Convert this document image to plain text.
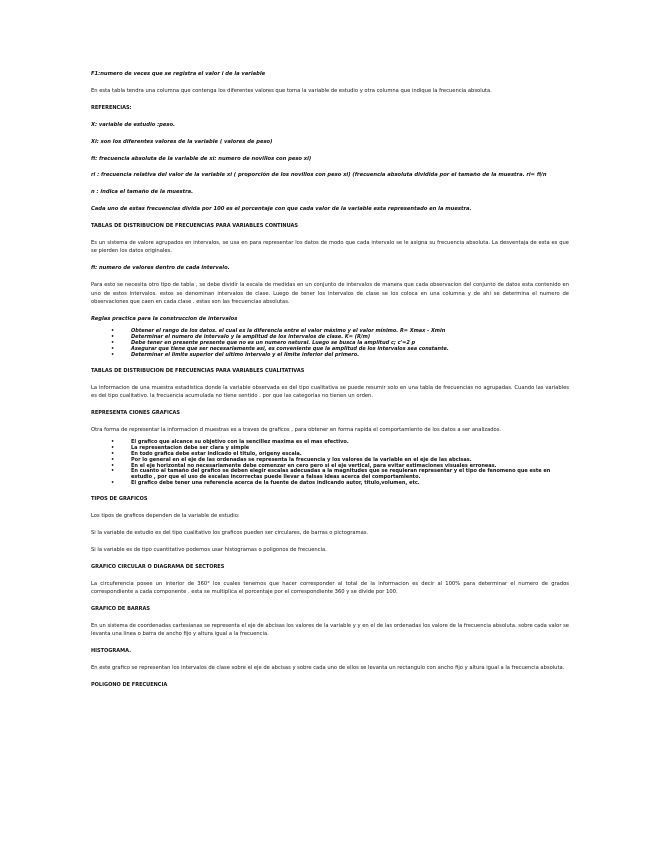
F1:numero de veces que se registra el valor i de la variable

En esta tabla tendra una columna que contenga los diferentes valores que toma la variable de estudio y otra columna que indique la frecuencia absoluta.

REFERENCIAS:

X: variable de estudio :peso.

Xi: son los diferentes valores de la variable ( valores de peso)

fi: frecuencia absoluta de la variable de xi: numero de novillos con peso xi)

ri : frecuencia relativa del valor de la variable xi ( proporción de los novillos con peso xi) (frecuencia absoluta dividida por el tamaño de la muestra. ri= fi/n

n : indica el tamaño de la muestra.

Cada uno de estas frecuencias divida por 100 es el porcentaje con que cada valor de la variable esta representado en la muestra.

TABLAS DE DISTRIBUCION DE FRECUENCIAS PARA VARIABLES CONTINUAS

Es un sistema de valore agrupados en intervalos, se usa en para representar los datos de modo que cada intervalo se le asigna su frecuencia absoluta. La desventaja de esta es que se pierden los datos originales.

fi: numero de valores dentro de cada intervalo.

Para esto se necesita otro tipo de tabla , se debe dividir la escala de medidas en un conjunto de intervalos de manera que cada observacion del conjunto de datos esta contenido en uno de estos intervalos. estos se denominan intervalos de clase. Luego de tener los intervalos de clase se los coloca en una columna y de ahi se determina el numero de observaciones que caen en cada clase . estas son las frecuencias absolutas.

Reglas practica para la construccion de intervalos

• Obtener el rango de los datos. el cual es la diferencia entre el valor máximo y el valor mínimo. R= Xmax - Xmin
• Determinar el numero de intervalo y la amplitud de los intervalos de clase. K= (R/m)
• Debe tener en presente presente que no es un numero natural. Luego se busca la amplitud c; c'=2 p
• Asegurar que tiene que ser necesariamente asi, es conveniente que la amplitud de los intervalos sea constante.
• Determinar el limite superior del ultimo intervalo y el limite inferior del primero.

TABLAS DE DISTRIBUCION DE FRECUENCIAS PARA VARIABLES CUALITATIVAS

La informacion de una muestra estadistica donde la variable observada es del tipo cualitativa se puede resumir solo en una tabla de frecuencias no agrupadas. Cuando las variables es del tipo cualitativo. la frecuencia acumulada no tiene sentido . por que las categorias no tienen un orden.

REPRESENTA CIONES GRAFICAS

Otra forma de representar la informacion d muestras es a traves de graficos , para obtener en forma rapida el comportamiento de los datos a ser analizados.

• El grafico que alcance su objetivo con la sencillez maxima es el mas efectivo.
• La representacion debe ser clara y simple
• En todo grafica debe estar indicado el titulo, origeny escala.
• Por lo general en el eje de las ordenadas se representa la frecuencia y los valores de la variable en el eje de las abcisas.
• En el eje horizontal no necesariamente debe comenzar en cero pero si el eje vertical, para evitar estimaciones visuales erroneas.
• En cuanto al tamaño del grafico se deben elegir escalas adecuadas a la magnitudes que se requieran representar y el tipo de fenomeno que este en estudio , por que el uso de escalas incorrectas puede llevar a falsas ideas acerca del comportamiento.
• El grafico debe tener una referencia acerca de la fuente de datos indicando autor, titulo,volumen, etc.

TIPOS DE GRAFICOS

Los tipos de graficos dependen de la variable de estudio:

Si la variable de estudio es del tipo cualitativo los graficos pueden ser circulares, de barras o pictogramas.

Si la variable es de tipo cuantitativo podemos usar histogramas o poligonos de frecuencia.

GRAFICO CIRCULAR O DIAGRAMA DE SECTORES

La circuferencia posee un interior de 360° los cuales tenemos que hacer corresponder al total de la informacion es decir al 100% para determinar el numero de grados correspondiente a cada componente . esta se multiplica el porcentaje por el correspondiente 360 y se divide por 100.

GRAFICO DE BARRAS

En un sistema de coordenadas cartesianas se representa el eje de abcisas los valores de la variable y y en el de las ordenadas los valore de la frecuencia absoluta. sobre cada valor se levanta una linea o barra de ancho fijo y altura igual a la frecuencia.

HISTOGRAMA.

En este grafico se representan los intervalos de clase sobre el eje de abcisas y sobre cada uno de ellos se levanta un rectangulo con ancho fijo y altura igual a la frecuencia absoluta.

POLIGONO DE FRECUENCIA
